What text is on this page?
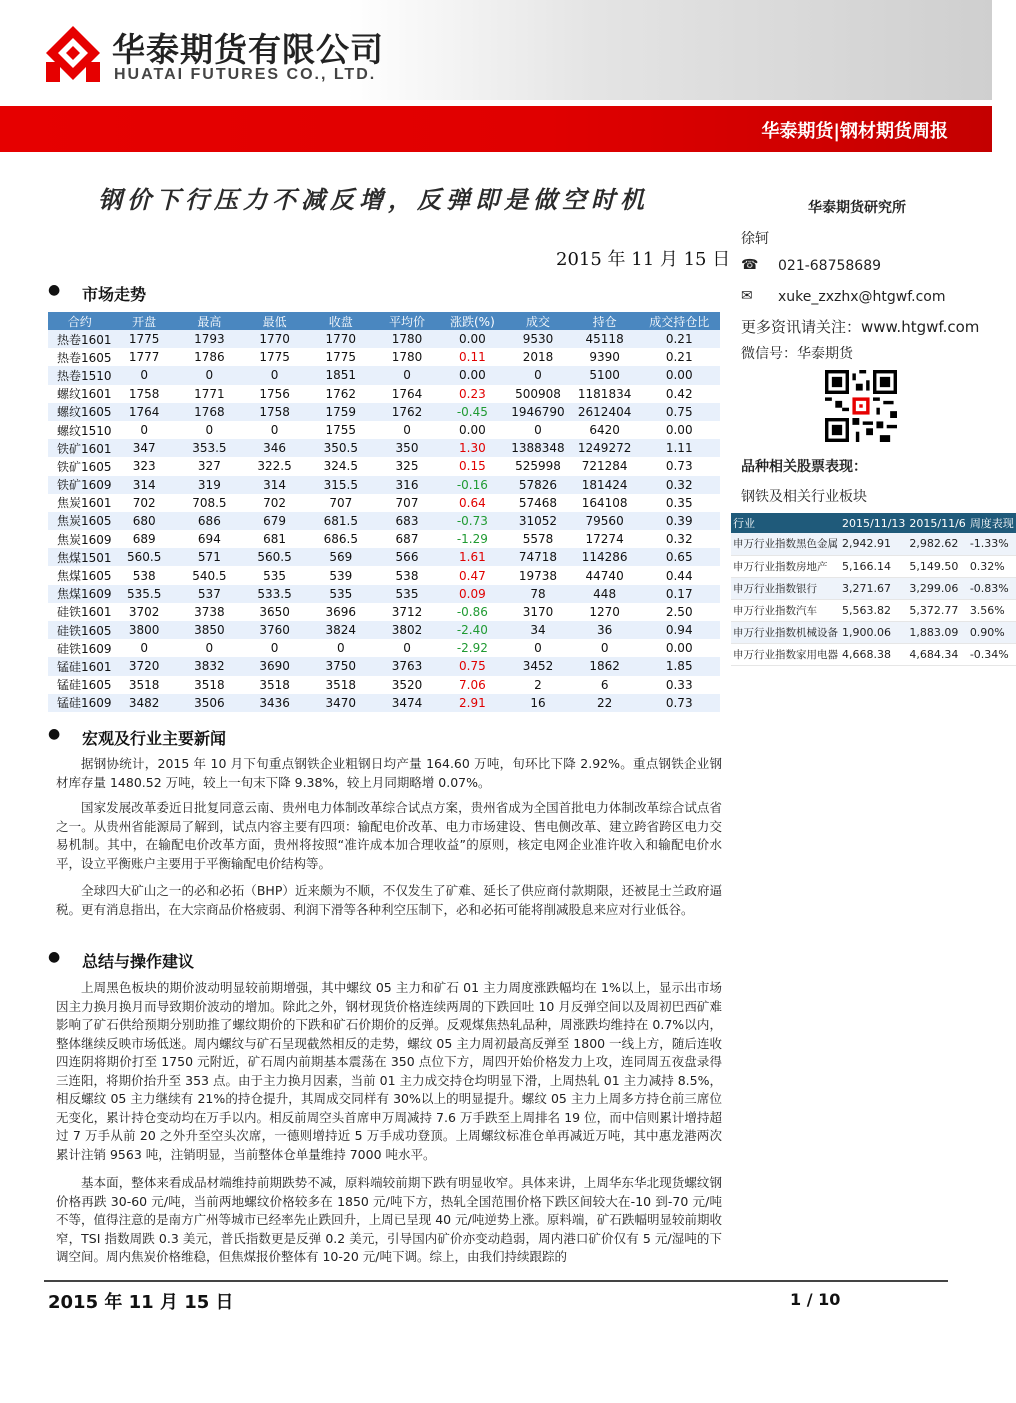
华泰期货有限公司
HUATAI FUTURES CO., LTD.
华泰期货|钢材期货周报
钢价下行压力不减反增，反弹即是做空时机
2015 年 11 月 15 日
华泰期货研究所
徐轲
☎ 021-68758689
✉ xuke_zxzhx@htgwf.com
更多资讯请关注：www.htgwf.com
微信号：华泰期货
品种相关股票表现：
钢铁及相关行业板块
行业	2015/11/13	2015/11/6	周度表现
申万行业指数黑色金属	2,942.91	2,982.62	-1.33%
申万行业指数房地产	5,166.14	5,149.50	0.32%
申万行业指数银行	3,271.67	3,299.06	-0.83%
申万行业指数汽车	5,563.82	5,372.77	3.56%
申万行业指数机械设备	1,900.06	1,883.09	0.90%
申万行业指数家用电器	4,668.38	4,684.34	-0.34%
● 市场走势
合约	开盘	最高	最低	收盘	平均价	涨跌(%)	成交	持仓	成交持仓比
热卷1601	1775	1793	1770	1770	1780	0.00	9530	45118	0.21
热卷1605	1777	1786	1775	1775	1780	0.11	2018	9390	0.21
热卷1510	0	0	0	1851	0	0.00	0	5100	0.00
螺纹1601	1758	1771	1756	1762	1764	0.23	500908	1181834	0.42
螺纹1605	1764	1768	1758	1759	1762	-0.45	1946790	2612404	0.75
螺纹1510	0	0	0	1755	0	0.00	0	6420	0.00
铁矿1601	347	353.5	346	350.5	350	1.30	1388348	1249272	1.11
铁矿1605	323	327	322.5	324.5	325	0.15	525998	721284	0.73
铁矿1609	314	319	314	315.5	316	-0.16	57826	181424	0.32
焦炭1601	702	708.5	702	707	707	0.64	57468	164108	0.35
焦炭1605	680	686	679	681.5	683	-0.73	31052	79560	0.39
焦炭1609	689	694	681	686.5	687	-1.29	5578	17274	0.32
焦煤1501	560.5	571	560.5	569	566	1.61	74718	114286	0.65
焦煤1605	538	540.5	535	539	538	0.47	19738	44740	0.44
焦煤1609	535.5	537	533.5	535	535	0.09	78	448	0.17
硅铁1601	3702	3738	3650	3696	3712	-0.86	3170	1270	2.50
硅铁1605	3800	3850	3760	3824	3802	-2.40	34	36	0.94
硅铁1609	0	0	0	0	0	-2.92	0	0	0.00
锰硅1601	3720	3832	3690	3750	3763	0.75	3452	1862	1.85
锰硅1605	3518	3518	3518	3518	3520	7.06	2	6	0.33
锰硅1609	3482	3506	3436	3470	3474	2.91	16	22	0.73
● 宏观及行业主要新闻
据钢协统计，2015 年 10 月下旬重点钢铁企业粗钢日均产量 164.60 万吨，旬环比下降 2.92%。重点钢铁企业钢材库存量 1480.52 万吨，较上一旬末下降 9.38%，较上月同期略增 0.07%。
国家发展改革委近日批复同意云南、贵州电力体制改革综合试点方案，贵州省成为全国首批电力体制改革综合试点省之一。从贵州省能源局了解到，试点内容主要有四项：输配电价改革、电力市场建设、售电侧改革、建立跨省跨区电力交易机制。其中，在输配电价改革方面，贵州将按照“准许成本加合理收益”的原则，核定电网企业准许收入和输配电价水平，设立平衡账户主要用于平衡输配电价结构等。
全球四大矿山之一的必和必拓（BHP）近来颇为不顺，不仅发生了矿难、延长了供应商付款期限，还被昆士兰政府逼税。更有消息指出，在大宗商品价格疲弱、利润下滑等各种利空压制下，必和必拓可能将削减股息来应对行业低谷。
● 总结与操作建议
上周黑色板块的期价波动明显较前期增强，其中螺纹 05 主力和矿石 01 主力周度涨跌幅均在 1%以上，显示出市场因主力换月换月而导致期价波动的增加。除此之外，钢材现货价格连续两周的下跌回吐 10 月反弹空间以及周初巴西矿难影响了矿石供给预期分别助推了螺纹期价的下跌和矿石价期价的反弹。反观煤焦热轧品种，周涨跌均维持在 0.7%以内，整体继续反映市场低迷。周内螺纹与矿石呈现截然相反的走势，螺纹 05 主力周初最高反弹至 1800 一线上方，随后连收四连阴将期价打至 1750 元附近，矿石周内前期基本震荡在 350 点位下方，周四开始价格发力上攻，连同周五夜盘录得三连阳，将期价抬升至 353 点。由于主力换月因素，当前 01 主力成交持仓均明显下滑，上周热轧 01 主力减持 8.5%，相反螺纹 05 主力继续有 21%的持仓提升，其周成交同样有 30%以上的明显提升。螺纹 05 主力上周多方持仓前三席位无变化，累计持仓变动均在万手以内。相反前周空头首席申万周减持 7.6 万手跌至上周排名 19 位，而中信则累计增持超过 7 万手从前 20 之外升至空头次席，一德则增持近 5 万手成功登顶。上周螺纹标准仓单再减近万吨，其中惠龙港两次累计注销 9563 吨，注销明显，当前整体仓单量维持 7000 吨水平。
基本面，整体来看成品材端维持前期跌势不减，原料端较前期下跌有明显收窄。具体来讲，上周华东华北现货螺纹钢价格再跌 30-60 元/吨，当前两地螺纹价格较多在 1850 元/吨下方，热轧全国范围价格下跌区间较大在-10 到-70 元/吨不等，值得注意的是南方广州等城市已经率先止跌回升，上周已呈现 40 元/吨逆势上涨。原料端，矿石跌幅明显较前期收窄，TSI 指数周跌 0.3 美元，普氏指数更是反弹 0.2 美元，引导国内矿价亦变动趋弱，周内港口矿价仅有 5 元/湿吨的下调空间。周内焦炭价格维稳，但焦煤报价整体有 10-20 元/吨下调。综上，由我们持续跟踪的
2015 年 11 月 15 日	1 / 10
